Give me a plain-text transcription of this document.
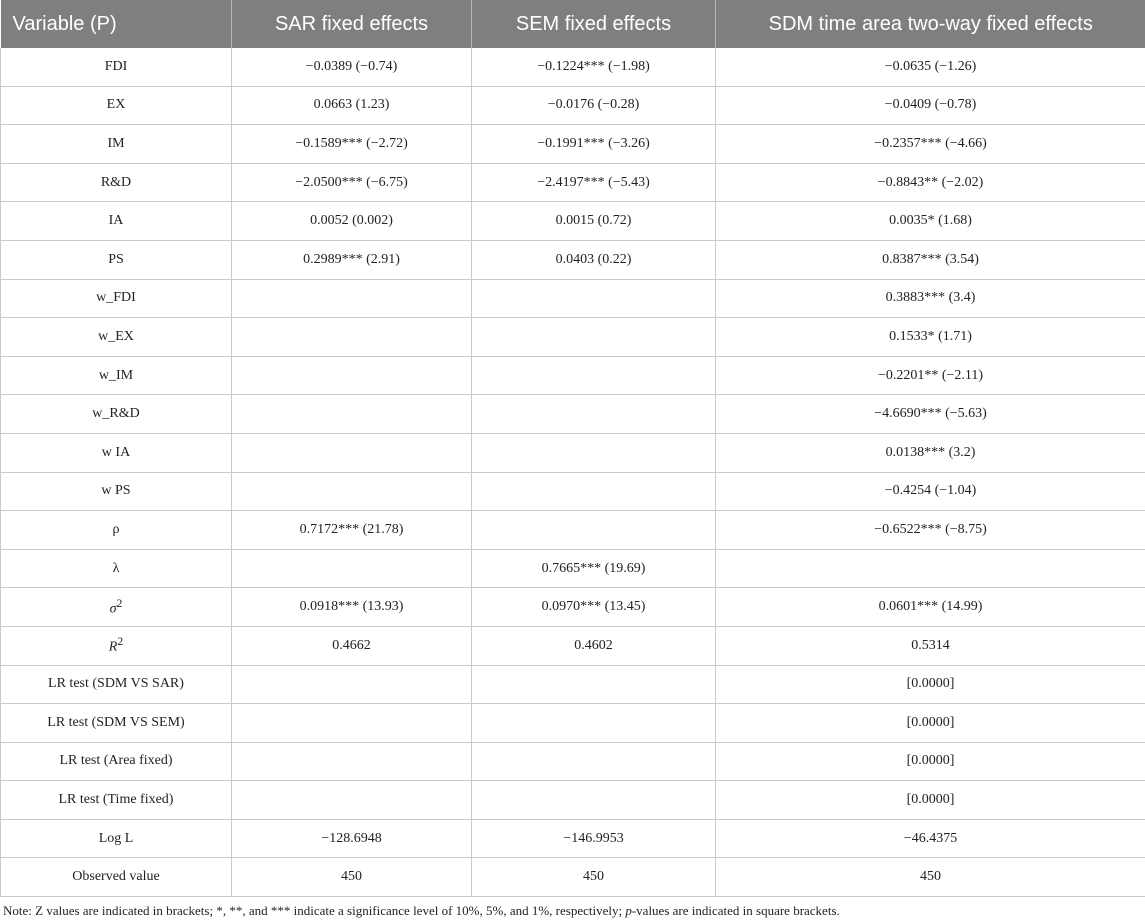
Variable (P)	SAR fixed effects	SEM fixed effects	SDM time area two-way fixed effects
FDI	−0.0389 (−0.74)	−0.1224*** (−1.98)	−0.0635 (−1.26)
EX	0.0663 (1.23)	−0.0176 (−0.28)	−0.0409 (−0.78)
IM	−0.1589*** (−2.72)	−0.1991*** (−3.26)	−0.2357*** (−4.66)
R&D	−2.0500*** (−6.75)	−2.4197*** (−5.43)	−0.8843** (−2.02)
IA	0.0052 (0.002)	0.0015 (0.72)	0.0035* (1.68)
PS	0.2989*** (2.91)	0.0403 (0.22)	0.8387*** (3.54)
w_FDI			0.3883*** (3.4)
w_EX			0.1533* (1.71)
w_IM			−0.2201** (−2.11)
w_R&D			−4.6690*** (−5.63)
w IA			0.0138*** (3.2)
w PS			−0.4254 (−1.04)
ρ	0.7172*** (21.78)		−0.6522*** (−8.75)
λ		0.7665*** (19.69)	
$\sigma^2$	0.0918*** (13.93)	0.0970*** (13.45)	0.0601*** (14.99)
$R^2$	0.4662	0.4602	0.5314
LR test (SDM VS SAR)			[0.0000]
LR test (SDM VS SEM)			[0.0000]
LR test (Area fixed)			[0.0000]
LR test (Time fixed)			[0.0000]
Log L	−128.6948	−146.9953	−46.4375
Observed value	450	450	450
Note: Z values are indicated in brackets; *, **, and *** indicate a significance level of 10%, 5%, and 1%, respectively; p-values are indicated in square brackets.
